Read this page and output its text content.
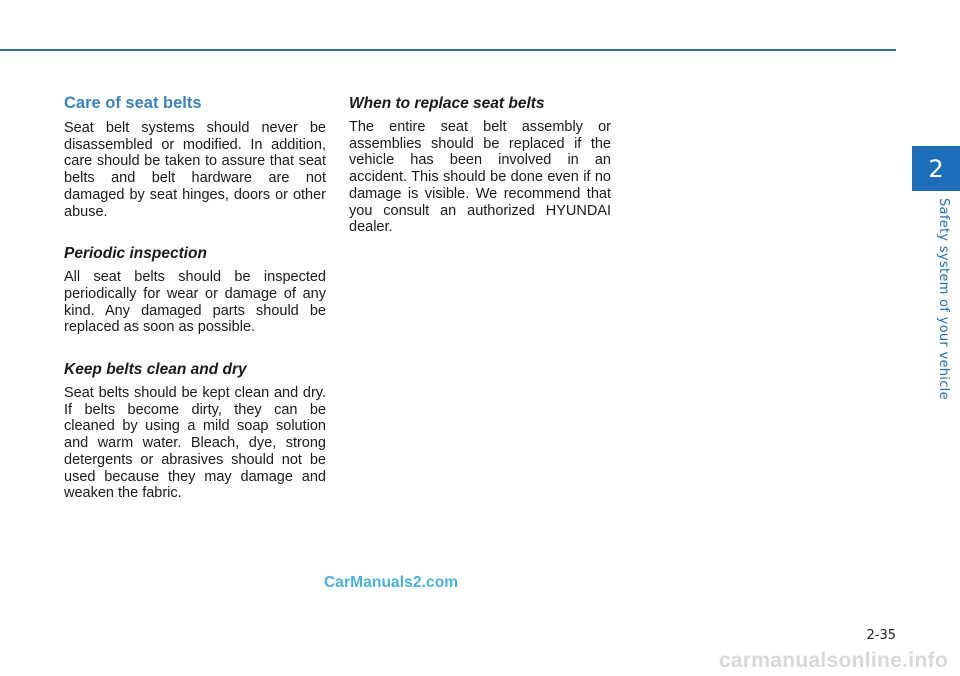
Care of seat belts

Seat belt systems should never be disassembled or modified. In addition, care should be taken to assure that seat belts and belt hardware are not damaged by seat hinges, doors or other abuse.

Periodic inspection

All seat belts should be inspected periodically for wear or damage of any kind. Any damaged parts should be replaced as soon as possible.

Keep belts clean and dry

Seat belts should be kept clean and dry. If belts become dirty, they can be cleaned by using a mild soap solution and warm water. Bleach, dye, strong detergents or abrasives should not be used because they may damage and weaken the fabric.

When to replace seat belts

The entire seat belt assembly or assemblies should be replaced if the vehicle has been involved in an accident. This should be done even if no damage is visible. We recommend that you consult an authorized HYUNDAI dealer.

2
Safety system of your vehicle
2-35
CarManuals2.com
carmanualsonline.info
